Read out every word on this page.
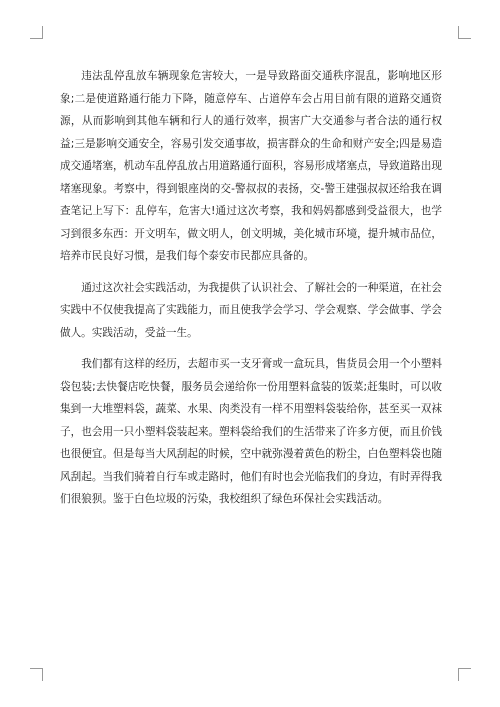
违法乱停乱放车辆现象危害较大，一是导致路面交通秩序混乱，影响地区形象;二是使道路通行能力下降，随意停车、占道停车会占用目前有限的道路交通资源，从而影响到其他车辆和行人的通行效率，损害广大交通参与者合法的通行权益;三是影响交通安全，容易引发交通事故，损害群众的生命和财产安全;四是易造成交通堵塞，机动车乱停乱放占用道路通行面积，容易形成堵塞点，导致道路出现堵塞现象。考察中，得到银座岗的交-警叔叔的表扬，交-警王建强叔叔还给我在调查笔记上写下：乱停车，危害大!通过这次考察，我和妈妈都感到受益很大，也学习到很多东西：开文明车，做文明人，创文明城，美化城市环境，提升城市品位，培养市民良好习惯，是我们每个泰安市民都应具备的。

通过这次社会实践活动，为我提供了认识社会、了解社会的一种渠道，在社会实践中不仅使我提高了实践能力，而且使我学会学习、学会观察、学会做事、学会做人。实践活动，受益一生。

我们都有这样的经历，去超市买一支牙膏或一盒玩具，售货员会用一个小塑料袋包装;去快餐店吃快餐，服务员会递给你一份用塑料盒装的饭菜;赶集时，可以收集到一大堆塑料袋，蔬菜、水果、肉类没有一样不用塑料袋装给你，甚至买一双袜子，也会用一只小塑料袋装起来。塑料袋给我们的生活带来了许多方便，而且价钱也很便宜。但是每当大风刮起的时候，空中就弥漫着黄色的粉尘，白色塑料袋也随风刮起。当我们骑着自行车或走路时，他们有时也会光临我们的身边，有时弄得我们很狼狈。鉴于白色垃圾的污染，我校组织了绿色环保社会实践活动。
